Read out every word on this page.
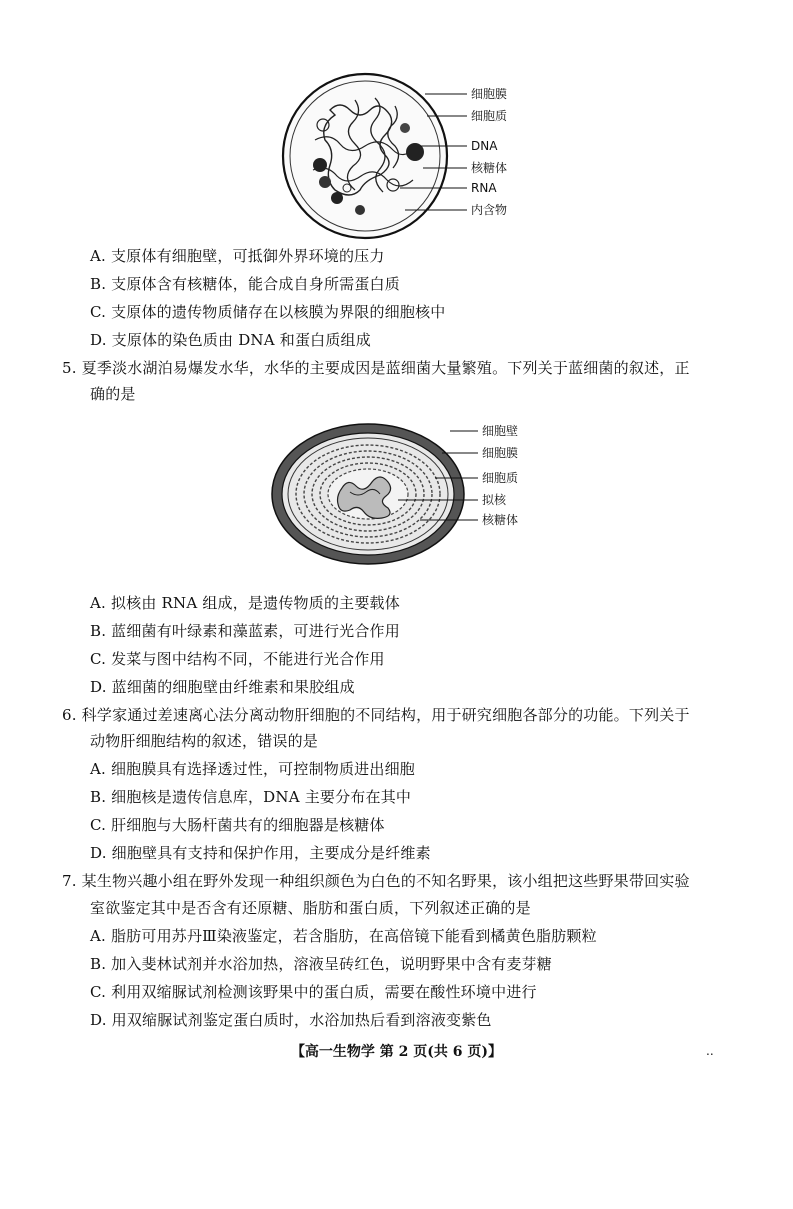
细胞膜
细胞质
DNA
核糖体
RNA
内含物
A. 支原体有细胞壁，可抵御外界环境的压力
B. 支原体含有核糖体，能合成自身所需蛋白质
C. 支原体的遗传物质储存在以核膜为界限的细胞核中
D. 支原体的染色质由 DNA 和蛋白质组成
5. 夏季淡水湖泊易爆发水华，水华的主要成因是蓝细菌大量繁殖。下列关于蓝细菌的叙述，正
确的是
细胞壁
细胞膜
细胞质
拟核
核糖体
A. 拟核由 RNA 组成，是遗传物质的主要载体
B. 蓝细菌有叶绿素和藻蓝素，可进行光合作用
C. 发菜与图中结构不同，不能进行光合作用
D. 蓝细菌的细胞壁由纤维素和果胶组成
6. 科学家通过差速离心法分离动物肝细胞的不同结构，用于研究细胞各部分的功能。下列关于
动物肝细胞结构的叙述，错误的是
A. 细胞膜具有选择透过性，可控制物质进出细胞
B. 细胞核是遗传信息库，DNA 主要分布在其中
C. 肝细胞与大肠杆菌共有的细胞器是核糖体
D. 细胞壁具有支持和保护作用，主要成分是纤维素
7. 某生物兴趣小组在野外发现一种组织颜色为白色的不知名野果，该小组把这些野果带回实验
室欲鉴定其中是否含有还原糖、脂肪和蛋白质，下列叙述正确的是
A. 脂肪可用苏丹Ⅲ染液鉴定，若含脂肪，在高倍镜下能看到橘黄色脂肪颗粒
B. 加入斐林试剂并水浴加热，溶液呈砖红色，说明野果中含有麦芽糖
C. 利用双缩脲试剂检测该野果中的蛋白质，需要在酸性环境中进行
D. 用双缩脲试剂鉴定蛋白质时，水浴加热后看到溶液变紫色
【高一生物学 第 2 页(共 6 页)】	..
